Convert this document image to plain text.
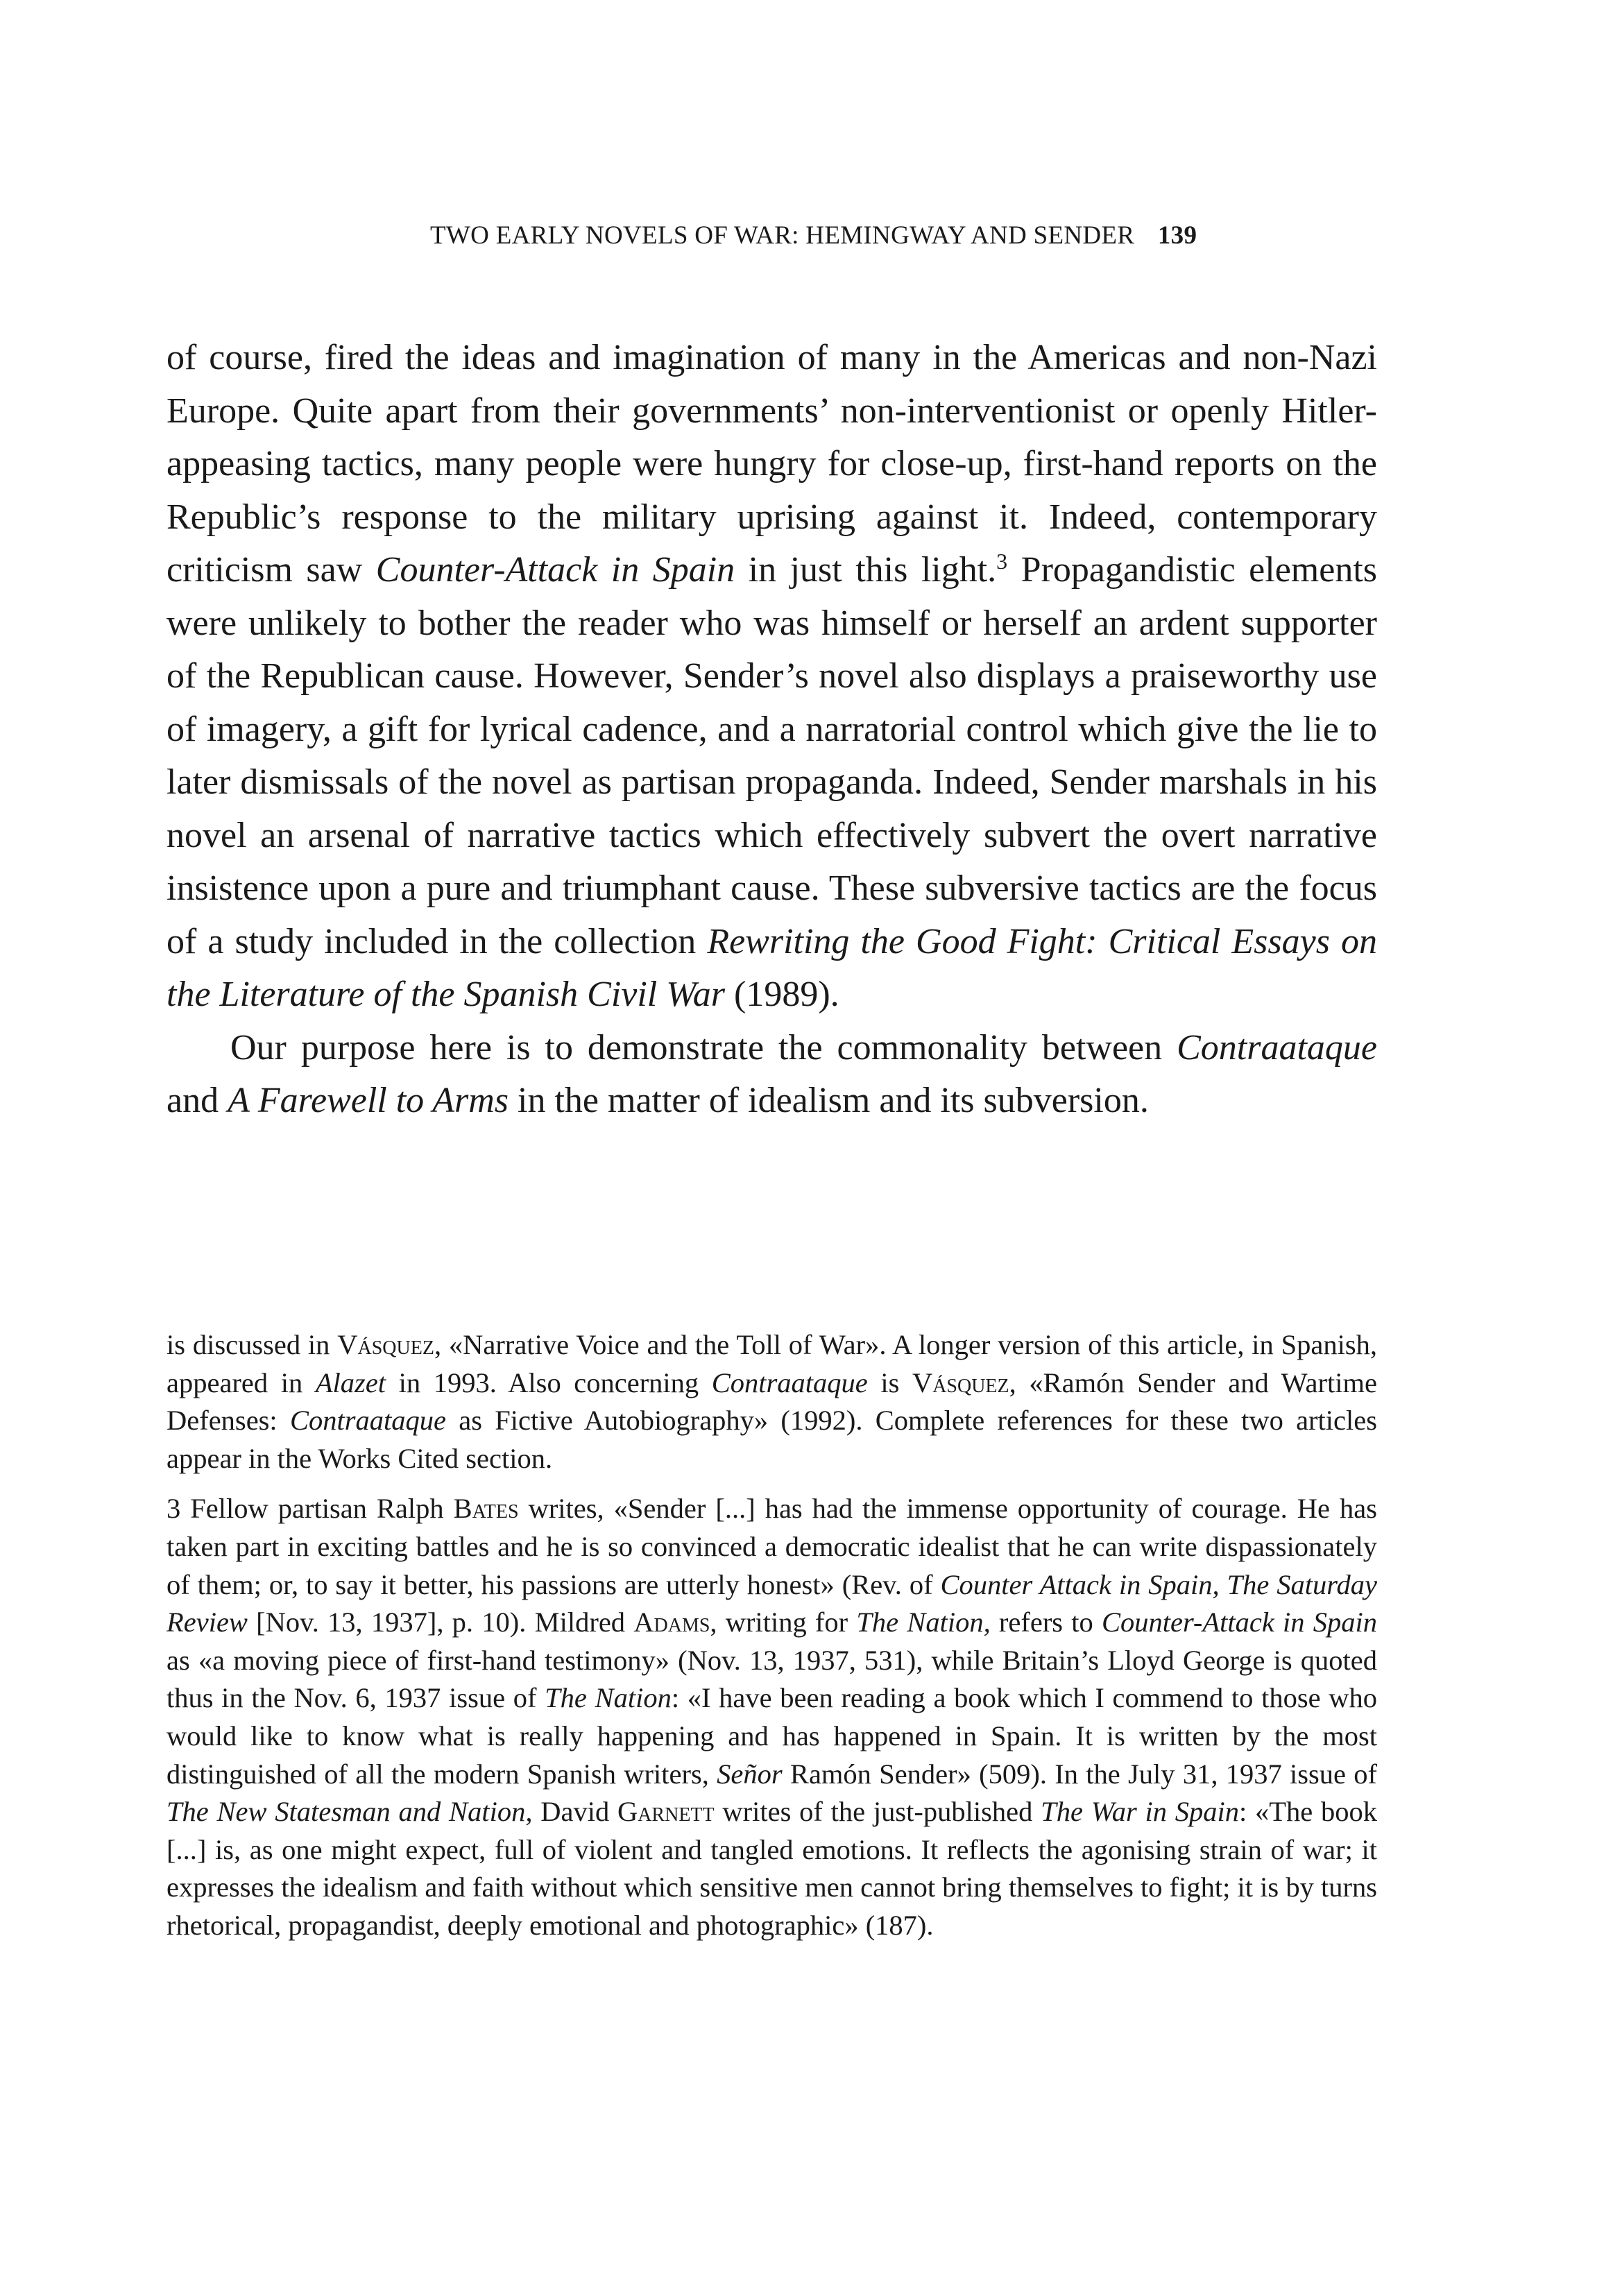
TWO EARLY NOVELS OF WAR: HEMINGWAY AND SENDER 139

of course, fired the ideas and imagination of many in the Americas and non-Nazi Europe. Quite apart from their governments’ non-interventionist or openly Hitler-appeasing tactics, many people were hungry for close-up, first-hand reports on the Republic’s response to the military uprising against it. Indeed, contemporary criticism saw Counter-Attack in Spain in just this light.$^3$ Propagandistic elements were unlikely to bother the reader who was himself or herself an ardent supporter of the Republican cause. However, Sender’s novel also displays a praiseworthy use of imagery, a gift for lyrical cadence, and a narratorial control which give the lie to later dismissals of the novel as partisan propaganda. Indeed, Sender marshals in his novel an arsenal of narrative tactics which effectively subvert the overt narrative insistence upon a pure and triumphant cause. These subversive tactics are the focus of a study included in the collection Rewriting the Good Fight: Critical Essays on the Literature of the Spanish Civil War (1989).

Our purpose here is to demonstrate the commonality between Contraataque and A Farewell to Arms in the matter of idealism and its subversion.

is discussed in Vásquez, «Narrative Voice and the Toll of War». A longer version of this article, in Spanish, appeared in Alazet in 1993. Also concerning Contraataque is Vásquez, «Ramón Sender and Wartime Defenses: Contraataque as Fictive Autobiography» (1992). Complete references for these two articles appear in the Works Cited section.

3 Fellow partisan Ralph Bates writes, «Sender [...] has had the immense opportunity of courage. He has taken part in exciting battles and he is so convinced a democratic idealist that he can write dispassionately of them; or, to say it better, his passions are utterly honest» (Rev. of Counter Attack in Spain, The Saturday Review [Nov. 13, 1937], p. 10). Mildred Adams, writing for The Nation, refers to Counter-Attack in Spain as «a moving piece of first-hand testimony» (Nov. 13, 1937, 531), while Britain’s Lloyd George is quoted thus in the Nov. 6, 1937 issue of The Nation: «I have been reading a book which I commend to those who would like to know what is really happening and has happened in Spain. It is written by the most distinguished of all the modern Spanish writers, Señor Ramón Sender» (509). In the July 31, 1937 issue of The New Statesman and Nation, David Garnett writes of the just-published The War in Spain: «The book [...] is, as one might expect, full of violent and tangled emotions. It reflects the agonising strain of war; it expresses the idealism and faith without which sensitive men cannot bring themselves to fight; it is by turns rhetorical, propagandist, deeply emotional and photographic» (187).
